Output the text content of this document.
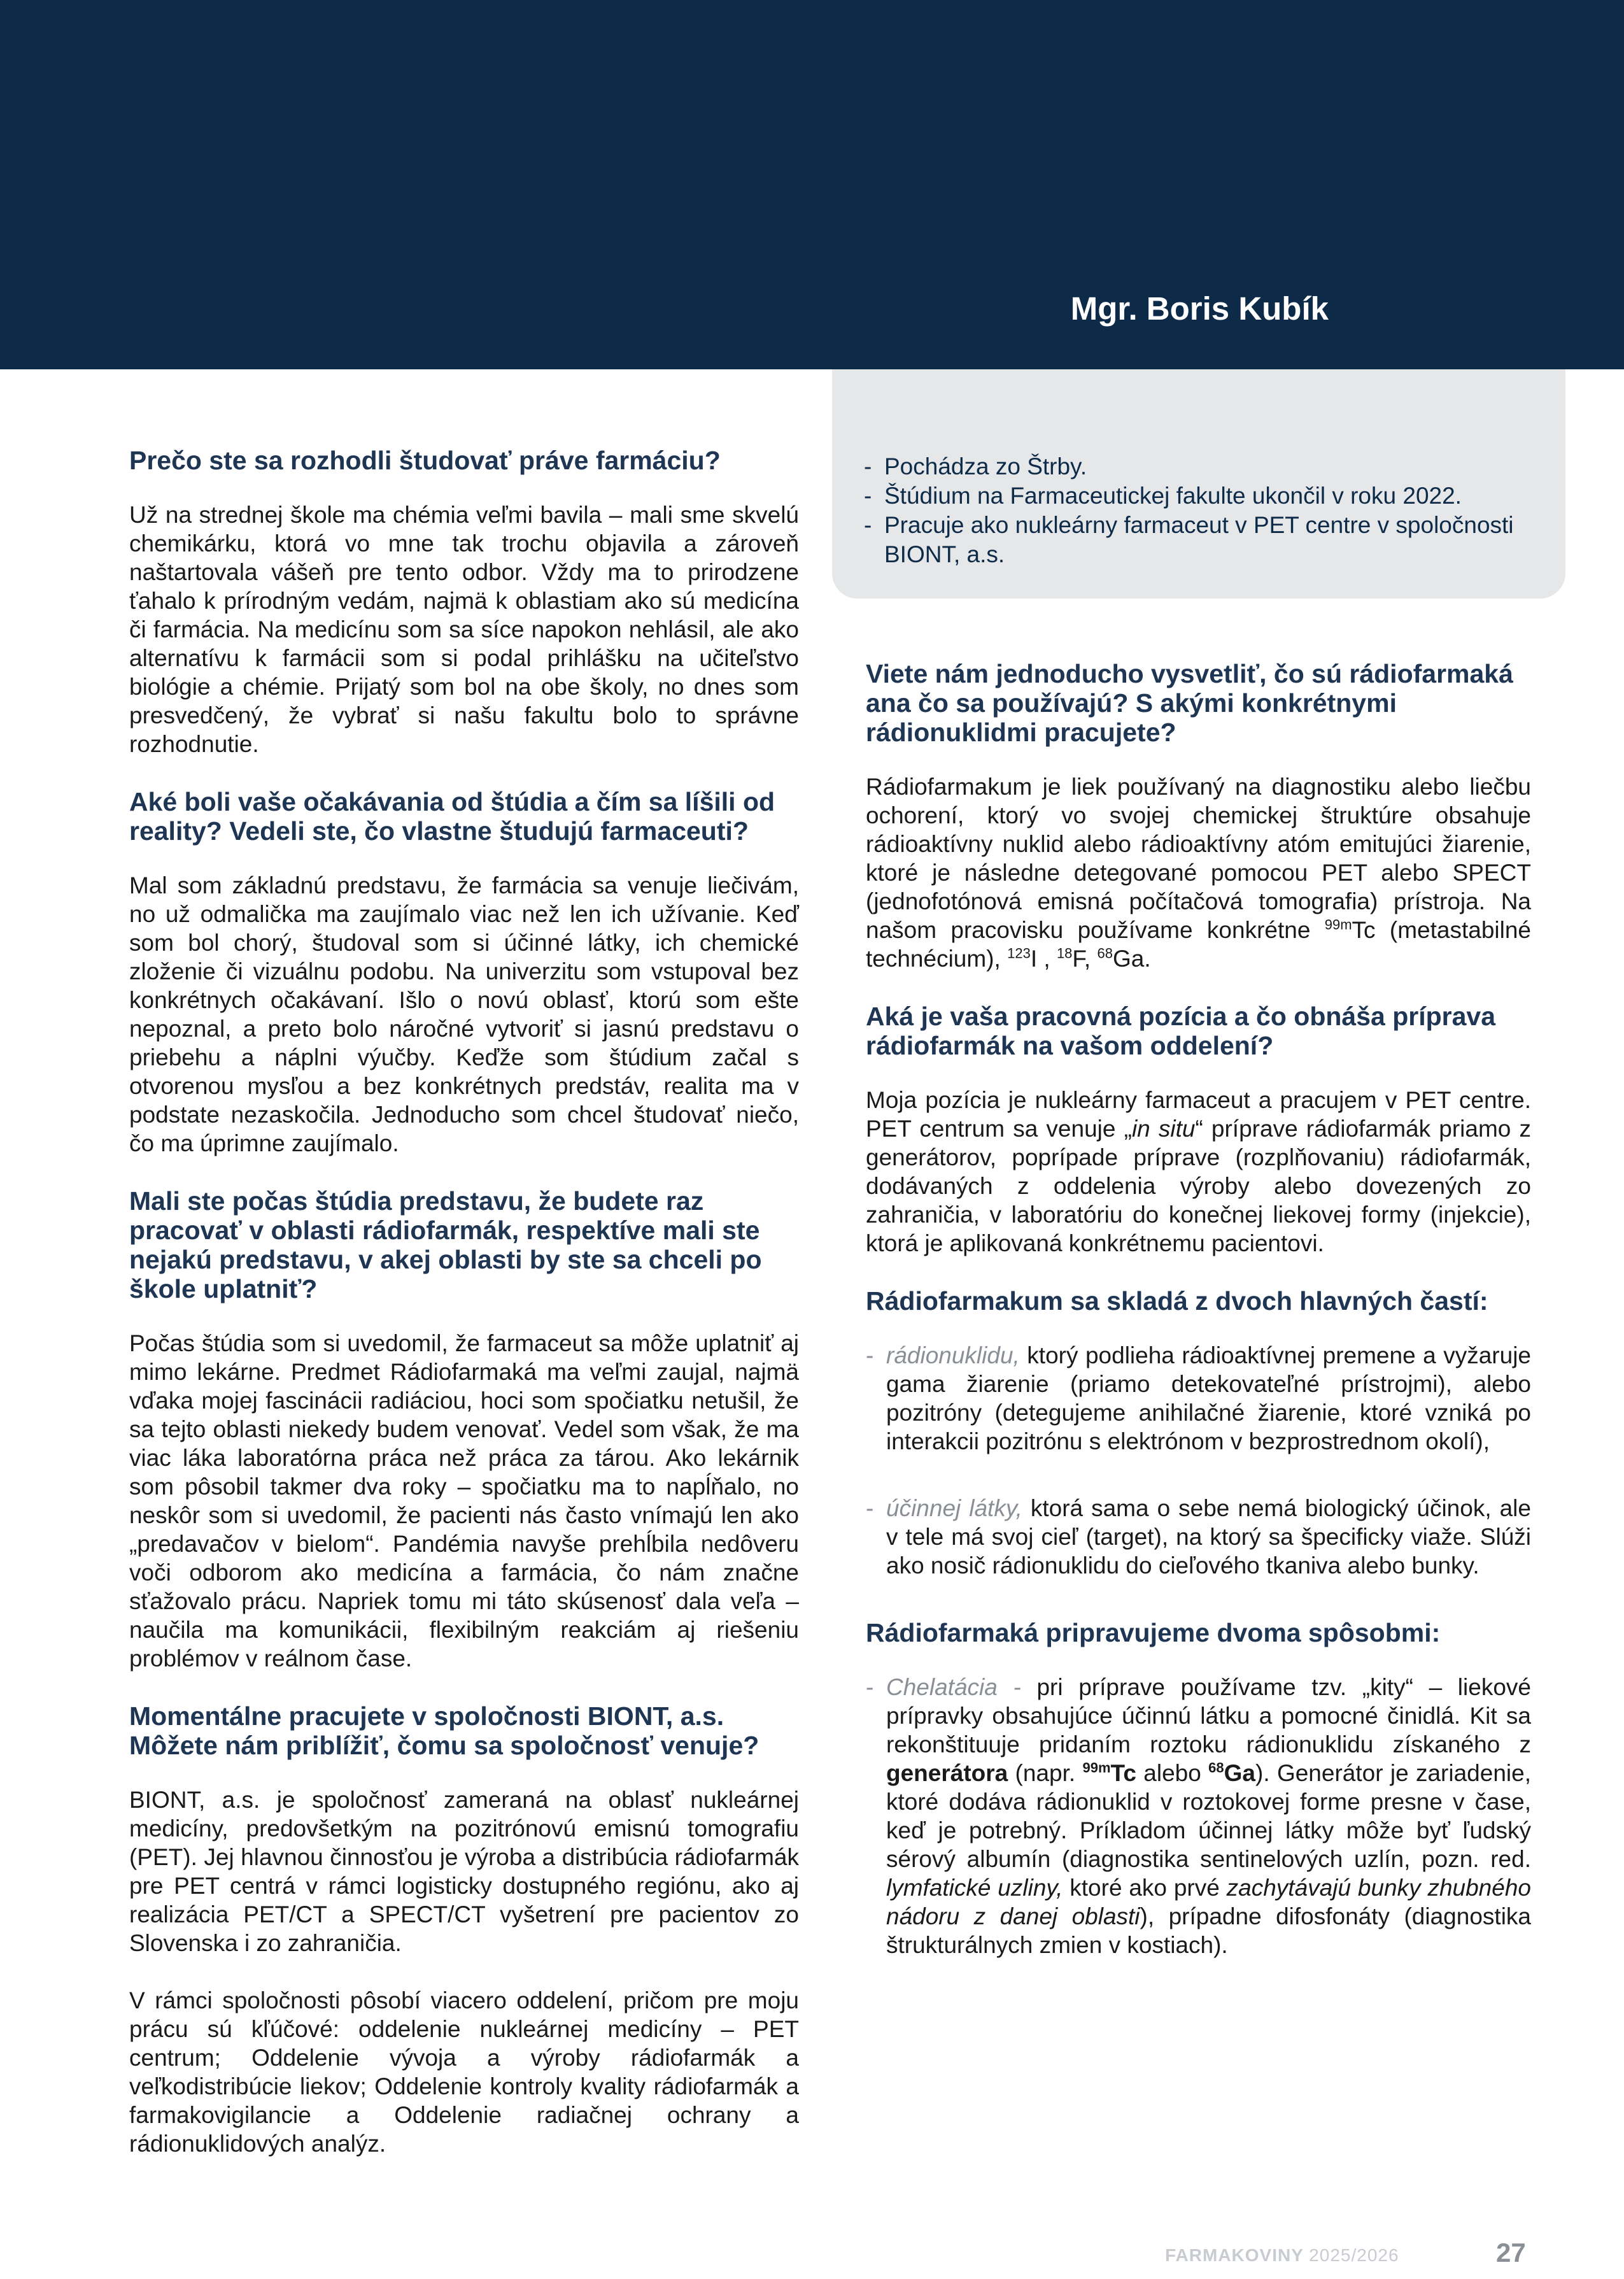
Mgr. Boris Kubík
- Pochádza zo Štrby.
- Štúdium na Farmaceutickej fakulte ukončil v roku 2022.
- Pracuje ako nukleárny farmaceut v PET centre v spoločnosti BIONT, a.s.
Prečo ste sa rozhodli študovať práve farmáciu?

Už na strednej škole ma chémia veľmi bavila – mali sme skvelú chemikárku, ktorá vo mne tak trochu objavila a zároveň naštartovala vášeň pre tento odbor. Vždy ma to prirodzene ťahalo k prírodným vedám, najmä k oblastiam ako sú medicína či farmácia. Na medicínu som sa síce napokon nehlásil, ale ako alternatívu k farmácii som si podal prihlášku na učiteľstvo biológie a chémie. Prijatý som bol na obe školy, no dnes som presvedčený, že vybrať si našu fakultu bolo to správne rozhodnutie.

Aké boli vaše očakávania od štúdia a čím sa líšili od reality? Vedeli ste, čo vlastne študujú farmaceuti?

Mal som základnú predstavu, že farmácia sa venuje liečivám, no už odmalička ma zaujímalo viac než len ich užívanie. Keď som bol chorý, študoval som si účinné látky, ich chemické zloženie či vizuálnu podobu. Na univerzitu som vstupoval bez konkrétnych očakávaní. Išlo o novú oblasť, ktorú som ešte nepoznal, a preto bolo náročné vytvoriť si jasnú predstavu o priebehu a náplni výučby. Keďže som štúdium začal s otvorenou mysľou a bez konkrétnych predstáv, realita ma v podstate nezaskočila. Jednoducho som chcel študovať niečo, čo ma úprimne zaujímalo.

Mali ste počas štúdia predstavu, že budete raz pracovať v oblasti rádiofarmák, respektíve mali ste nejakú predstavu, v akej oblasti by ste sa chceli po škole uplatniť?

Počas štúdia som si uvedomil, že farmaceut sa môže uplatniť aj mimo lekárne. Predmet Rádiofarmaká ma veľmi zaujal, najmä vďaka mojej fascinácii radiáciou, hoci som spočiatku netušil, že sa tejto oblasti niekedy budem venovať. Vedel som však, že ma viac láka laboratórna práca než práca za tárou. Ako lekárnik som pôsobil takmer dva roky – spočiatku ma to napĺňalo, no neskôr som si uvedomil, že pacienti nás často vnímajú len ako „predavačov v bielom“. Pandémia navyše prehĺbila nedôveru voči odborom ako medicína a farmácia, čo nám značne sťažovalo prácu. Napriek tomu mi táto skúsenosť dala veľa – naučila ma komunikácii, flexibilným reakciám aj riešeniu problémov v reálnom čase.

Momentálne pracujete v spoločnosti BIONT, a.s. Môžete nám priblížiť, čomu sa spoločnosť venuje?

BIONT, a.s. je spoločnosť zameraná na oblasť nukleárnej medicíny, predovšetkým na pozitrónovú emisnú tomografiu (PET). Jej hlavnou činnosťou je výroba a distribúcia rádiofarmák pre PET centrá v rámci logisticky dostupného regiónu, ako aj realizácia PET/CT a SPECT/CT vyšetrení pre pacientov zo Slovenska i zo zahraničia.

V rámci spoločnosti pôsobí viacero oddelení, pričom pre moju prácu sú kľúčové: oddelenie nukleárnej medicíny – PET centrum; Oddelenie vývoja a výroby rádiofarmák a veľkodistribúcie liekov; Oddelenie kontroly kvality rádiofarmák a farmakovigilancie a Oddelenie radiačnej ochrany a rádionuklidových analýz.

Viete nám jednoducho vysvetliť, čo sú rádiofarmaká ana čo sa používajú? S akými konkrétnymi rádionuklidmi pracujete?

Rádiofarmakum je liek používaný na diagnostiku alebo liečbu ochorení, ktorý vo svojej chemickej štruktúre obsahuje rádioaktívny nuklid alebo rádioaktívny atóm emitujúci žiarenie, ktoré je následne detegované pomocou PET alebo SPECT (jednofotónová emisná počítačová tomografia) prístroja. Na našom pracovisku používame konkrétne $^{99m}$Tc (metastabilné technécium), $^{123}$I , $^{18}$F, $^{68}$Ga.

Aká je vaša pracovná pozícia a čo obnáša príprava rádiofarmák na vašom oddelení?

Moja pozícia je nukleárny farmaceut a pracujem v PET centre. PET centrum sa venuje „in situ“ príprave rádiofarmák priamo z generátorov, poprípade príprave (rozplňovaniu) rádiofarmák, dodávaných z oddelenia výroby alebo dovezených zo zahraničia, v laboratóriu do konečnej liekovej formy (injekcie), ktorá je aplikovaná konkrétnemu pacientovi.

Rádiofarmakum sa skladá z dvoch hlavných častí:
- rádionuklidu, ktorý podlieha rádioaktívnej premene a vyžaruje gama žiarenie (priamo detekovateľné prístrojmi), alebo pozitróny (detegujeme anihilačné žiarenie, ktoré vzniká po interakcii pozitrónu s elektrónom v bezprostrednom okolí),
- účinnej látky, ktorá sama o sebe nemá biologický účinok, ale v tele má svoj cieľ (target), na ktorý sa špecificky viaže. Slúži ako nosič rádionuklidu do cieľového tkaniva alebo bunky.
Rádiofarmaká pripravujeme dvoma spôsobmi:
- Chelatácia - pri príprave používame tzv. „kity“ – liekové prípravky obsahujúce účinnú látku a pomocné činidlá. Kit sa rekonštituuje pridaním roztoku rádionuklidu získaného z generátora (napr. $^{99m}$Tc alebo $^{68}$Ga). Generátor je zariadenie, ktoré dodáva rádionuklid v roztokovej forme presne v čase, keď je potrebný. Príkladom účinnej látky môže byť ľudský sérový albumín (diagnostika sentinelových uzlín, pozn. red. lymfatické uzliny, ktoré ako prvé zachytávajú bunky zhubného nádoru z danej oblasti), prípadne difosfonáty (diagnostika štrukturálnych zmien v kostiach).
FARMAKOVINY 2025/2026	27
